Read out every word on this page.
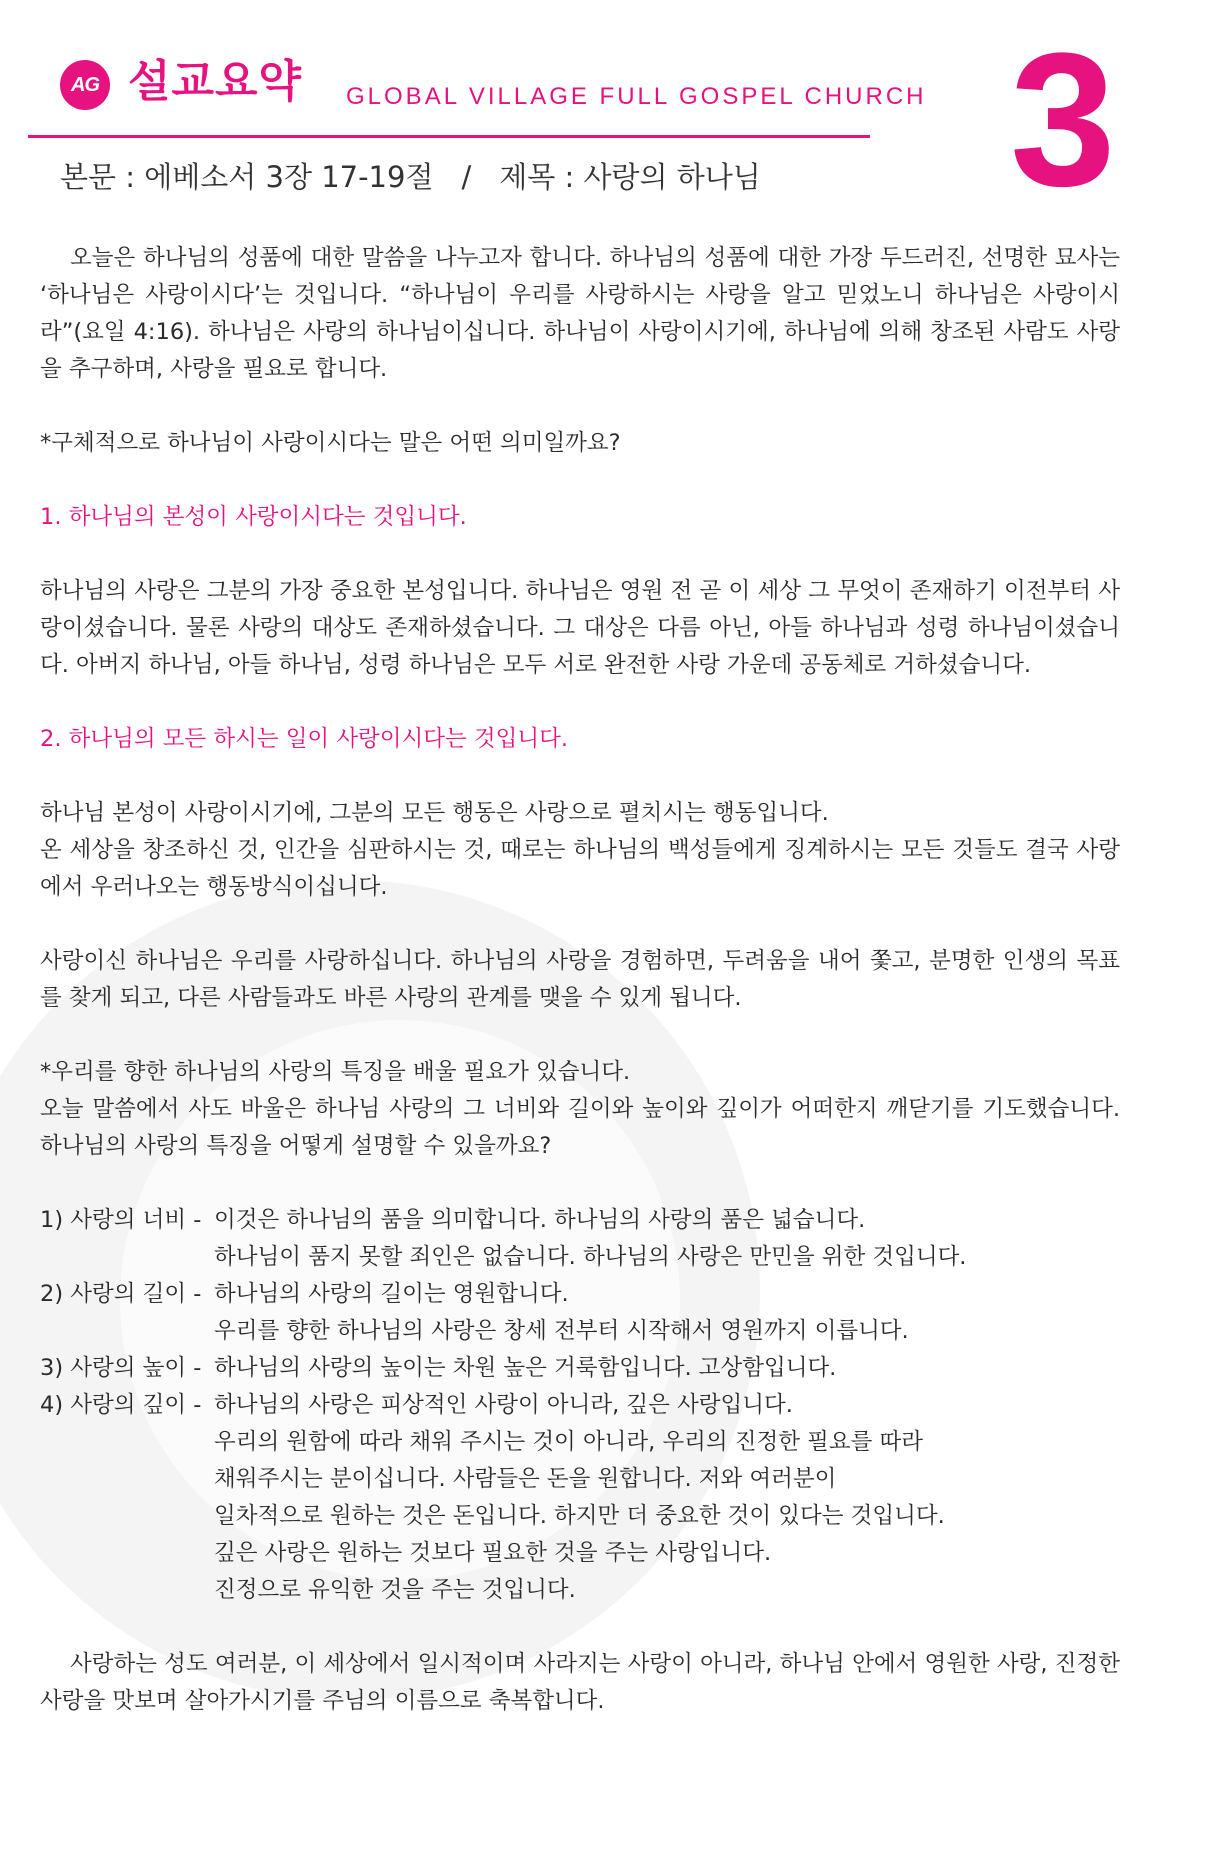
AG 설교요약 GLOBAL VILLAGE FULL GOSPEL CHURCH 3
본문 : 에베소서 3장 17-19절 / 제목 : 사랑의 하나님

오늘은 하나님의 성품에 대한 말씀을 나누고자 합니다. 하나님의 성품에 대한 가장 두드러진, 선명한 묘사는 ‘하나님은 사랑이시다’는 것입니다. “하나님이 우리를 사랑하시는 사랑을 알고 믿었노니 하나님은 사랑이시라”(요일 4:16). 하나님은 사랑의 하나님이십니다. 하나님이 사랑이시기에, 하나님에 의해 창조된 사람도 사랑을 추구하며, 사랑을 필요로 합니다.

*구체적으로 하나님이 사랑이시다는 말은 어떤 의미일까요?

1. 하나님의 본성이 사랑이시다는 것입니다.

하나님의 사랑은 그분의 가장 중요한 본성입니다. 하나님은 영원 전 곧 이 세상 그 무엇이 존재하기 이전부터 사랑이셨습니다. 물론 사랑의 대상도 존재하셨습니다. 그 대상은 다름 아닌, 아들 하나님과 성령 하나님이셨습니다. 아버지 하나님, 아들 하나님, 성령 하나님은 모두 서로 완전한 사랑 가운데 공동체로 거하셨습니다.

2. 하나님의 모든 하시는 일이 사랑이시다는 것입니다.

하나님 본성이 사랑이시기에, 그분의 모든 행동은 사랑으로 펼치시는 행동입니다.

온 세상을 창조하신 것, 인간을 심판하시는 것, 때로는 하나님의 백성들에게 징계하시는 모든 것들도 결국 사랑에서 우러나오는 행동방식이십니다.

사랑이신 하나님은 우리를 사랑하십니다. 하나님의 사랑을 경험하면, 두려움을 내어 쫓고, 분명한 인생의 목표를 찾게 되고, 다른 사람들과도 바른 사랑의 관계를 맺을 수 있게 됩니다.

*우리를 향한 하나님의 사랑의 특징을 배울 필요가 있습니다.

오늘 말씀에서 사도 바울은 하나님 사랑의 그 너비와 길이와 높이와 깊이가 어떠한지 깨닫기를 기도했습니다. 하나님의 사랑의 특징을 어떻게 설명할 수 있을까요?

1) 사랑의 너비 - 이것은 하나님의 품을 의미합니다. 하나님의 사랑의 품은 넓습니다.
하나님이 품지 못할 죄인은 없습니다. 하나님의 사랑은 만민을 위한 것입니다.
2) 사랑의 길이 - 하나님의 사랑의 길이는 영원합니다.
우리를 향한 하나님의 사랑은 창세 전부터 시작해서 영원까지 이릅니다.
3) 사랑의 높이 - 하나님의 사랑의 높이는 차원 높은 거룩함입니다. 고상함입니다.
4) 사랑의 깊이 - 하나님의 사랑은 피상적인 사랑이 아니라, 깊은 사랑입니다.
우리의 원함에 따라 채워 주시는 것이 아니라, 우리의 진정한 필요를 따라
채워주시는 분이십니다. 사람들은 돈을 원합니다. 저와 여러분이
일차적으로 원하는 것은 돈입니다. 하지만 더 중요한 것이 있다는 것입니다.
깊은 사랑은 원하는 것보다 필요한 것을 주는 사랑입니다.
진정으로 유익한 것을 주는 것입니다.

사랑하는 성도 여러분, 이 세상에서 일시적이며 사라지는 사랑이 아니라, 하나님 안에서 영원한 사랑, 진정한 사랑을 맛보며 살아가시기를 주님의 이름으로 축복합니다.
